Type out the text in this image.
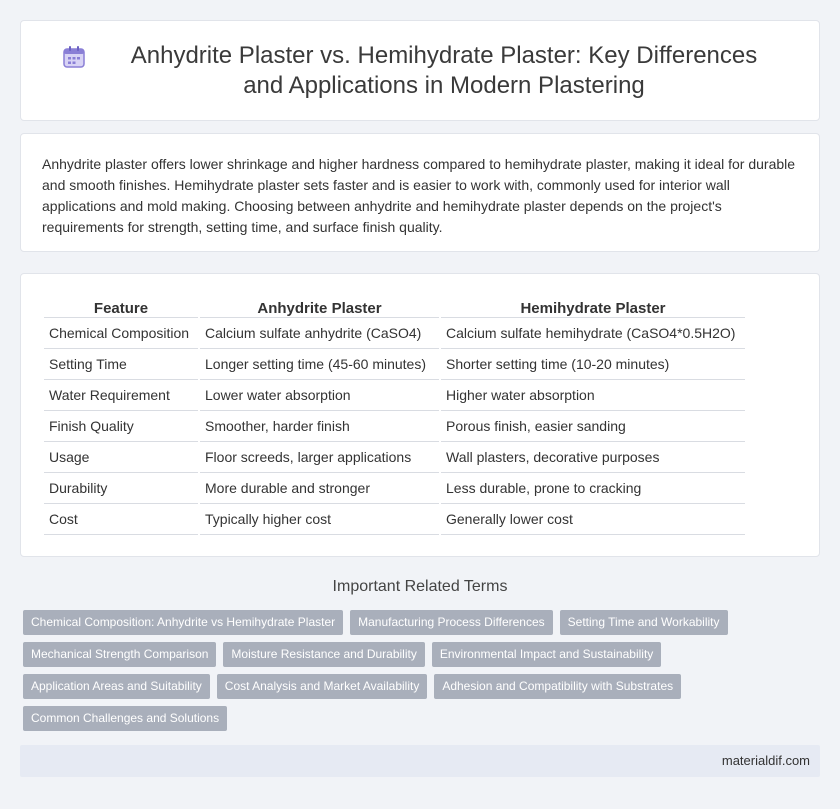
Anhydrite Plaster vs. Hemihydrate Plaster: Key Differences and Applications in Modern Plastering

Anhydrite plaster offers lower shrinkage and higher hardness compared to hemihydrate plaster, making it ideal for durable and smooth finishes. Hemihydrate plaster sets faster and is easier to work with, commonly used for interior wall applications and mold making. Choosing between anhydrite and hemihydrate plaster depends on the project's requirements for strength, setting time, and surface finish quality.

Feature	Anhydrite Plaster	Hemihydrate Plaster
Chemical Composition	Calcium sulfate anhydrite (CaSO4)	Calcium sulfate hemihydrate (CaSO4*0.5H2O)
Setting Time	Longer setting time (45-60 minutes)	Shorter setting time (10-20 minutes)
Water Requirement	Lower water absorption	Higher water absorption
Finish Quality	Smoother, harder finish	Porous finish, easier sanding
Usage	Floor screeds, larger applications	Wall plasters, decorative purposes
Durability	More durable and stronger	Less durable, prone to cracking
Cost	Typically higher cost	Generally lower cost
Important Related Terms
Chemical Composition: Anhydrite vs Hemihydrate Plaster	Manufacturing Process Differences	Setting Time and Workability
Mechanical Strength Comparison	Moisture Resistance and Durability	Environmental Impact and Sustainability
Application Areas and Suitability	Cost Analysis and Market Availability	Adhesion and Compatibility with Substrates
Common Challenges and Solutions
materialdif.com
